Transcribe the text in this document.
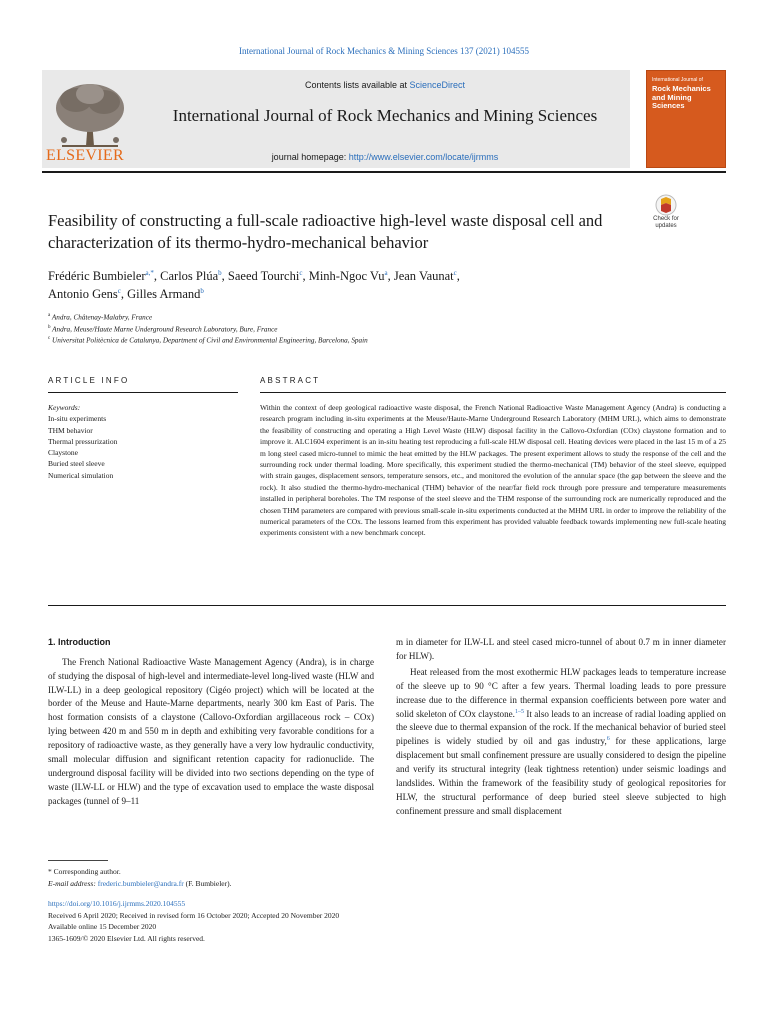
International Journal of Rock Mechanics & Mining Sciences 137 (2021) 104555
ELSEVIER
Contents lists available at ScienceDirect
International Journal of Rock Mechanics and Mining Sciences
journal homepage: http://www.elsevier.com/locate/ijrmms
International Journal of
Rock Mechanics and Mining Sciences
Feasibility of constructing a full-scale radioactive high-level waste disposal cell and characterization of its thermo-hydro-mechanical behavior
Check for
updates
Frédéric Bumbieler$^{a,*}$, Carlos Plúa$^b$, Saeed Tourchi$^c$, Minh-Ngoc Vu$^a$, Jean Vaunat$^c$,
Antonio Gens$^c$, Gilles Armand$^b$
$^a$ Andra, Châtenay-Malabry, France
$^b$ Andra, Meuse/Haute Marne Underground Research Laboratory, Bure, France
$^c$ Universitat Politècnica de Catalunya, Department of Civil and Environmental Engineering, Barcelona, Spain
ARTICLE INFO	ABSTRACT
Keywords:
In-situ experiments
THM behavior
Thermal pressurization
Claystone
Buried steel sleeve
Numerical simulation
Within the context of deep geological radioactive waste disposal, the French National Radioactive Waste Management Agency (Andra) is conducting a research program including in-situ experiments at the Meuse/Haute-Marne Underground Research Laboratory (MHM URL), which aims to demonstrate the feasibility of constructing and operating a High Level Waste (HLW) disposal facility in the Callovo-Oxfordian (COx) claystone formation and to improve it. ALC1604 experiment is an in-situ heating test reproducing a full-scale HLW disposal cell. Heating devices were placed in the last 15 m of a 25 m long steel cased micro-tunnel to mimic the heat emitted by the HLW packages. The present experiment allows to study the response of the cell and the surrounding rock under thermal loading. More specifically, this experiment studied the thermo-mechanical (TM) behavior of the steel sleeve, equipped with strain gauges, displacement sensors, temperature sensors, etc., and monitored the evolution of the annular space (the gap between the sleeve and the rock). It also studied the thermo-hydro-mechanical (THM) behavior of the near/far field rock through pore pressure and temperature measurements installed in peripheral boreholes. The TM response of the steel sleeve and the THM response of the surrounding rock are numerically reproduced and the chosen THM parameters are compared with previous small-scale in-situ experiments conducted at the MHM URL in order to improve the reliability of the numerical parameters of the COx. The lessons learned from this experiment has provided valuable feedback towards implementing new full-scale heating experiments consistent with a new benchmark concept.
1. Introduction

The French National Radioactive Waste Management Agency (Andra), is in charge of studying the disposal of high-level and intermediate-level long-lived waste (HLW and ILW-LL) in a deep geological repository (Cigéo project) which will be located at the border of the Meuse and Haute-Marne departments, nearly 300 km East of Paris. The host formation consists of a claystone (Callovo-Oxfordian argillaceous rock – COx) lying between 420 m and 550 m in depth and exhibiting very favorable conditions for a repository of radioactive waste, as they generally have a very low hydraulic conductivity, small molecular diffusion and significant retention capacity for radionuclide. The underground disposal facility will be divided into two sections depending on the type of waste (ILW-LL or HLW) and the type of excavation used to emplace the waste disposal packages (tunnel of 9–11

m in diameter for ILW-LL and steel cased micro-tunnel of about 0.7 m in inner diameter for HLW).

Heat released from the most exothermic HLW packages leads to temperature increase of the sleeve up to 90 °C after a few years. Thermal loading leads to pore pressure increase due to the difference in thermal expansion coefficients between pore water and solid skeleton of COx claystone.$^{1-5}$ It also leads to an increase of radial loading applied on the sleeve due to thermal expansion of the rock. If the mechanical behavior of buried steel pipelines is widely studied by oil and gas industry,$^6$ for these applications, large displacement but small confinement pressure are usually considered to design the pipeline and verify its structural integrity (leak tightness retention) under seismic loadings and landslides. Within the framework of the feasibility study of geological repositories for HLW, the structural performance of deep buried steel sleeve subjected to high confinement pressure and small displacement

* Corresponding author.
E-mail address: frederic.bumbieler@andra.fr (F. Bumbieler).
https://doi.org/10.1016/j.ijrmms.2020.104555
Received 6 April 2020; Received in revised form 16 October 2020; Accepted 20 November 2020
Available online 15 December 2020
1365-1609/© 2020 Elsevier Ltd. All rights reserved.
